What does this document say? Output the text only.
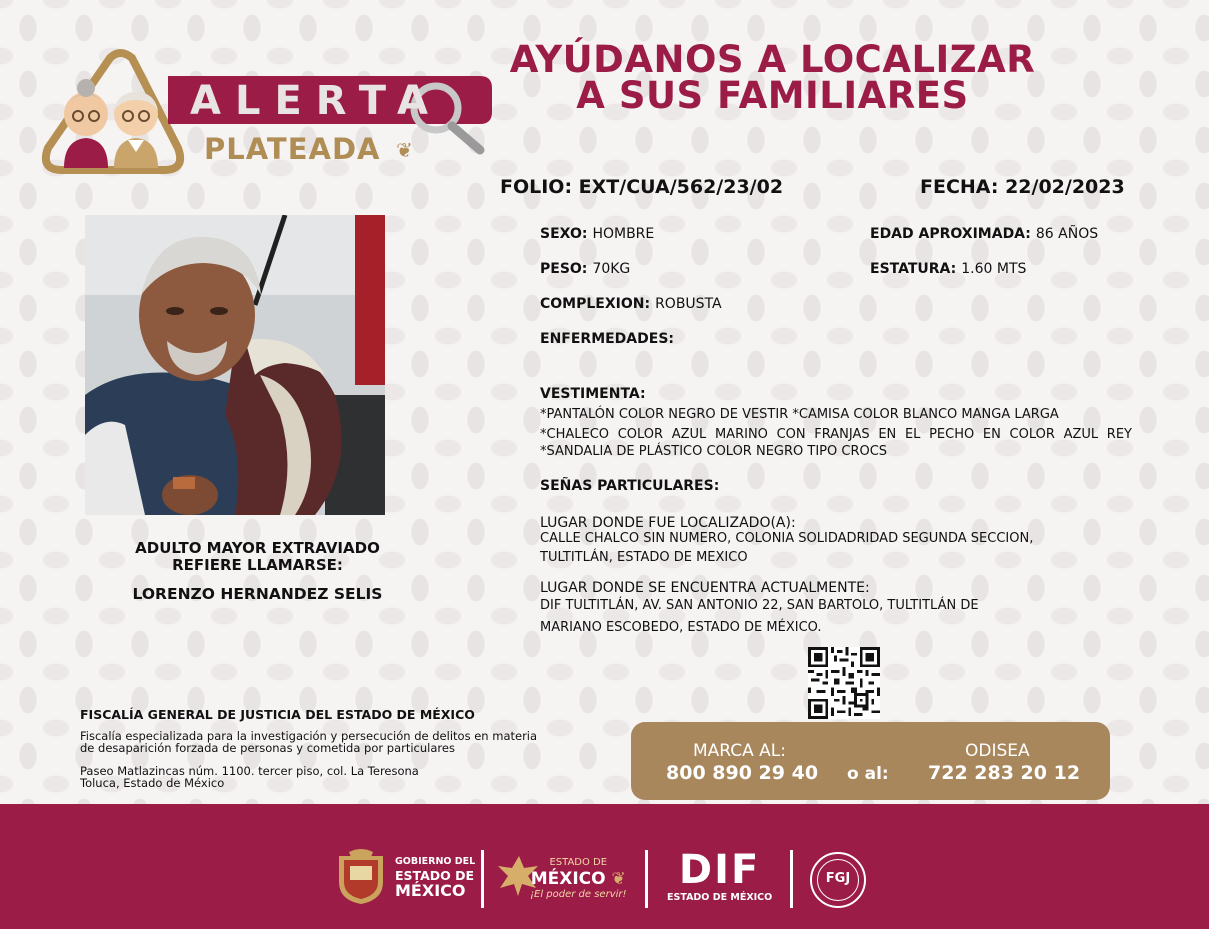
ALERTA
PLATEADA ❦
AYÚDANOS A LOCALIZAR
A SUS FAMILIARES
FOLIO: EXT/CUA/562/23/02	FECHA: 22/02/2023
ADULTO MAYOR EXTRAVIADO
REFIERE LLAMARSE:
LORENZO HERNANDEZ SELIS
SEXO: HOMBRE	EDAD APROXIMADA: 86 AÑOS
PESO: 70KG	ESTATURA: 1.60 MTS
COMPLEXION: ROBUSTA
ENFERMEDADES:
VESTIMENTA:
*PANTALÓN COLOR NEGRO DE VESTIR *CAMISA COLOR BLANCO MANGA LARGA
*CHALECO COLOR AZUL MARINO CON FRANJAS EN EL PECHO EN COLOR AZUL REY *SANDALIA DE PLÁSTICO COLOR NEGRO TIPO CROCS
SEÑAS PARTICULARES:
LUGAR DONDE FUE LOCALIZADO(A):
CALLE CHALCO SIN NUMERO, COLONIA SOLIDADRIDAD SEGUNDA SECCION,
TULTITLÁN, ESTADO DE MEXICO
LUGAR DONDE SE ENCUENTRA ACTUALMENTE:
DIF TULTITLÁN, AV. SAN ANTONIO 22, SAN BARTOLO, TULTITLÁN DE
MARIANO ESCOBEDO, ESTADO DE MÉXICO.
FISCALÍA GENERAL DE JUSTICIA DEL ESTADO DE MÉXICO
Fiscalía especializada para la investigación y persecución de delitos en materia
de desaparición forzada de personas y cometida por particulares
Paseo Matlazincas núm. 1100. tercer piso, col. La Teresona
Toluca, Estado de México
MARCA AL:
800 890 29 40 o al:
ODISEA
722 283 20 12
GOBIERNO DEL
ESTADO DE
MÉXICO
ESTADO DE
MÉXICO ❦
¡El poder de servir!
DIF
ESTADO DE MÉXICO
FGJ
